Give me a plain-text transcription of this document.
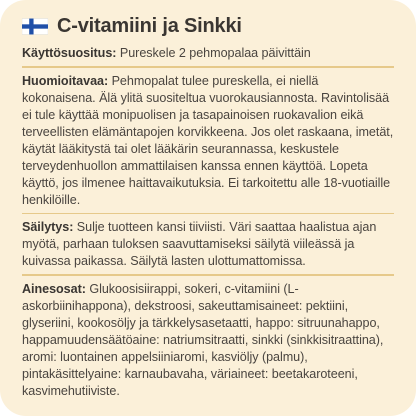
C-vitamiini ja Sinkki

Käyttösuositus: Pureskele 2 pehmopalaa päivittäin

Huomioitavaa: Pehmopalat tulee pureskella, ei niellä kokonaisena. Älä ylitä suositeltua vuorokausiannosta. Ravintolisää ei tule käyttää monipuolisen ja tasapainoisen ruokavalion eikä terveellisten elämäntapojen korvikkeena. Jos olet raskaana, imetät, käytät lääkitystä tai olet lääkärin seurannassa, keskustele terveydenhuollon ammattilaisen kanssa ennen käyttöä. Lopeta käyttö, jos ilmenee haittavaikutuksia. Ei tarkoitettu alle 18-vuotiaille henkilöille.

Säilytys: Sulje tuotteen kansi tiiviisti. Väri saattaa haalistua ajan myötä, parhaan tuloksen saavuttamiseksi säilytä viileässä ja kuivassa paikassa. Säilytä lasten ulottumattomissa.

Ainesosat: Glukoosisiirappi, sokeri, c-vitamiini (L-askorbiinihappona), dekstroosi, sakeuttamisaineet: pektiini, glyseriini, kookosöljy ja tärkkelysasetaatti, happo: sitruunahappo, happamuudensäätöaine: natriumsitraatti, sinkki (sinkkisitraattina), aromi: luontainen appelsiiniaromi, kasviöljy (palmu), pintakäsittelyaine: karnaubavaha, väriaineet: beetakaroteeni, kasvimehutiiviste.
